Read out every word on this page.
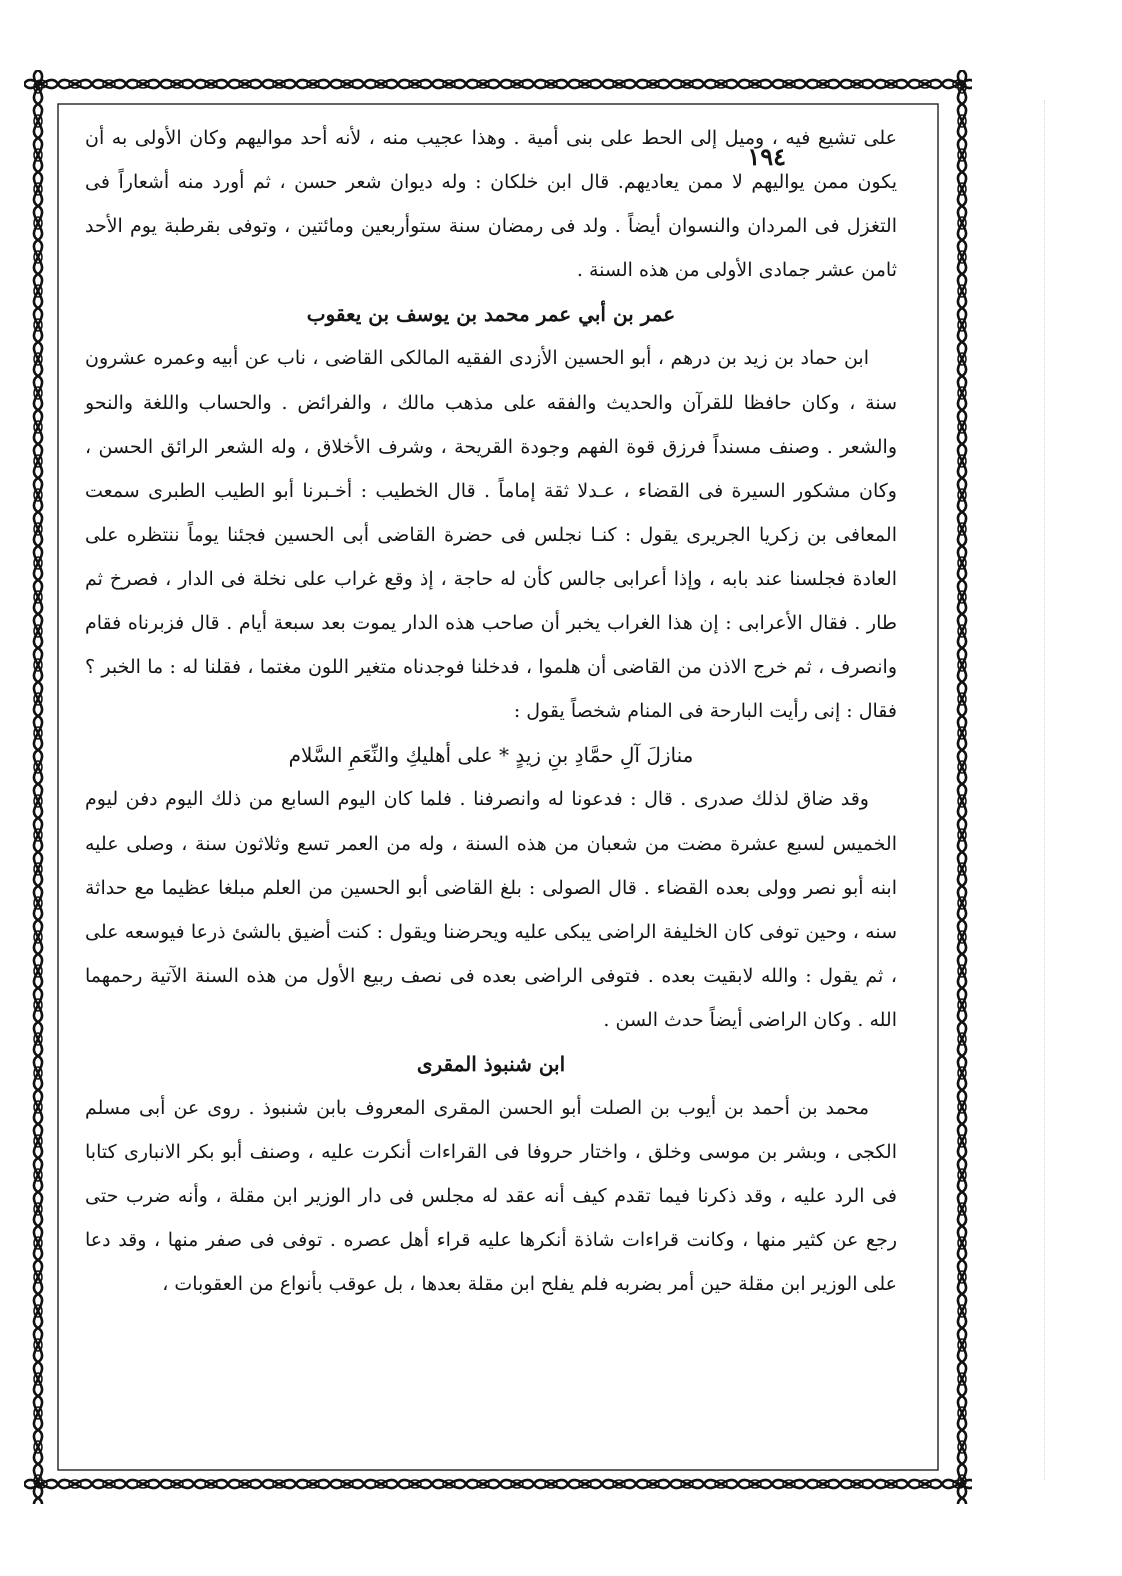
١٩٤

على تشيع فيه ، وميل إلى الحط على بنى أمية . وهذا عجيب منه ، لأنه أحد مواليهم وكان الأولى به أن يكون ممن يواليهم لا ممن يعاديهم. قال ابن خلكان : وله ديوان شعر حسن ، ثم أورد منه أشعاراً فى التغزل فى المردان والنسوان أيضاً . ولد فى رمضان سنة ستوأربعين ومائتين ، وتوفى بقرطبة يوم الأحد ثامن عشر جمادى الأولى من هذه السنة .

عمر بن أبي عمر محمد بن يوسف بن يعقوب

ابن حماد بن زيد بن درهم ، أبو الحسين الأزدى الفقيه المالكى القاضى ، ناب عن أبيه وعمره عشرون سنة ، وكان حافظا للقرآن والحديث والفقه على مذهب مالك ، والفرائض . والحساب واللغة والنحو والشعر . وصنف مسنداً فرزق قوة الفهم وجودة القريحة ، وشرف الأخلاق ، وله الشعر الرائق الحسن ، وكان مشكور السيرة فى القضاء ، عـدلا ثقة إماماً . قال الخطيب : أخـبرنا أبو الطيب الطبرى سمعت المعافى بن زكريا الجريرى يقول : كنـا نجلس فى حضرة القاضى أبى الحسين فجئنا يوماً ننتظره على العادة فجلسنا عند بابه ، وإذا أعرابى جالس كأن له حاجة ، إذ وقع غراب على نخلة فى الدار ، فصرخ ثم طار . فقال الأعرابى : إن هذا الغراب يخبر أن صاحب هذه الدار يموت بعد سبعة أيام . قال فزبرناه فقام وانصرف ، ثم خرج الاذن من القاضى أن هلموا ، فدخلنا فوجدناه متغير اللون مغتما ، فقلنا له : ما الخبر ؟ فقال : إنى رأيت البارحة فى المنام شخصاً يقول :

منازلَ آلِ حمَّادِ بنِ زيدٍ * على أهليكِ والنِّعَمِ السَّلام

وقد ضاق لذلك صدرى . قال : فدعونا له وانصرفنا . فلما كان اليوم السابع من ذلك اليوم دفن ليوم الخميس لسبع عشرة مضت من شعبان من هذه السنة ، وله من العمر تسع وثلاثون سنة ، وصلى عليه ابنه أبو نصر وولى بعده القضاء . قال الصولى : بلغ القاضى أبو الحسين من العلم مبلغا عظيما مع حداثة سنه ، وحين توفى كان الخليفة الراضى يبكى عليه ويحرضنا ويقول : كنت أضيق بالشئ ذرعا فيوسعه على ، ثم يقول : والله لابقيت بعده . فتوفى الراضى بعده فى نصف ربيع الأول من هذه السنة الآتية رحمهما الله . وكان الراضى أيضاً حدث السن .

ابن شنبوذ المقرى

محمد بن أحمد بن أيوب بن الصلت أبو الحسن المقرى المعروف بابن شنبوذ . روى عن أبى مسلم الكجى ، وبشر بن موسى وخلق ، واختار حروفا فى القراءات أنكرت عليه ، وصنف أبو بكر الانبارى كتابا فى الرد عليه ، وقد ذكرنا فيما تقدم كيف أنه عقد له مجلس فى دار الوزير ابن مقلة ، وأنه ضرب حتى رجع عن كثير منها ، وكانت قراءات شاذة أنكرها عليه قراء أهل عصره . توفى فى صفر منها ، وقد دعا على الوزير ابن مقلة حين أمر بضربه فلم يفلح ابن مقلة بعدها ، بل عوقب بأنواع من العقوبات ،
